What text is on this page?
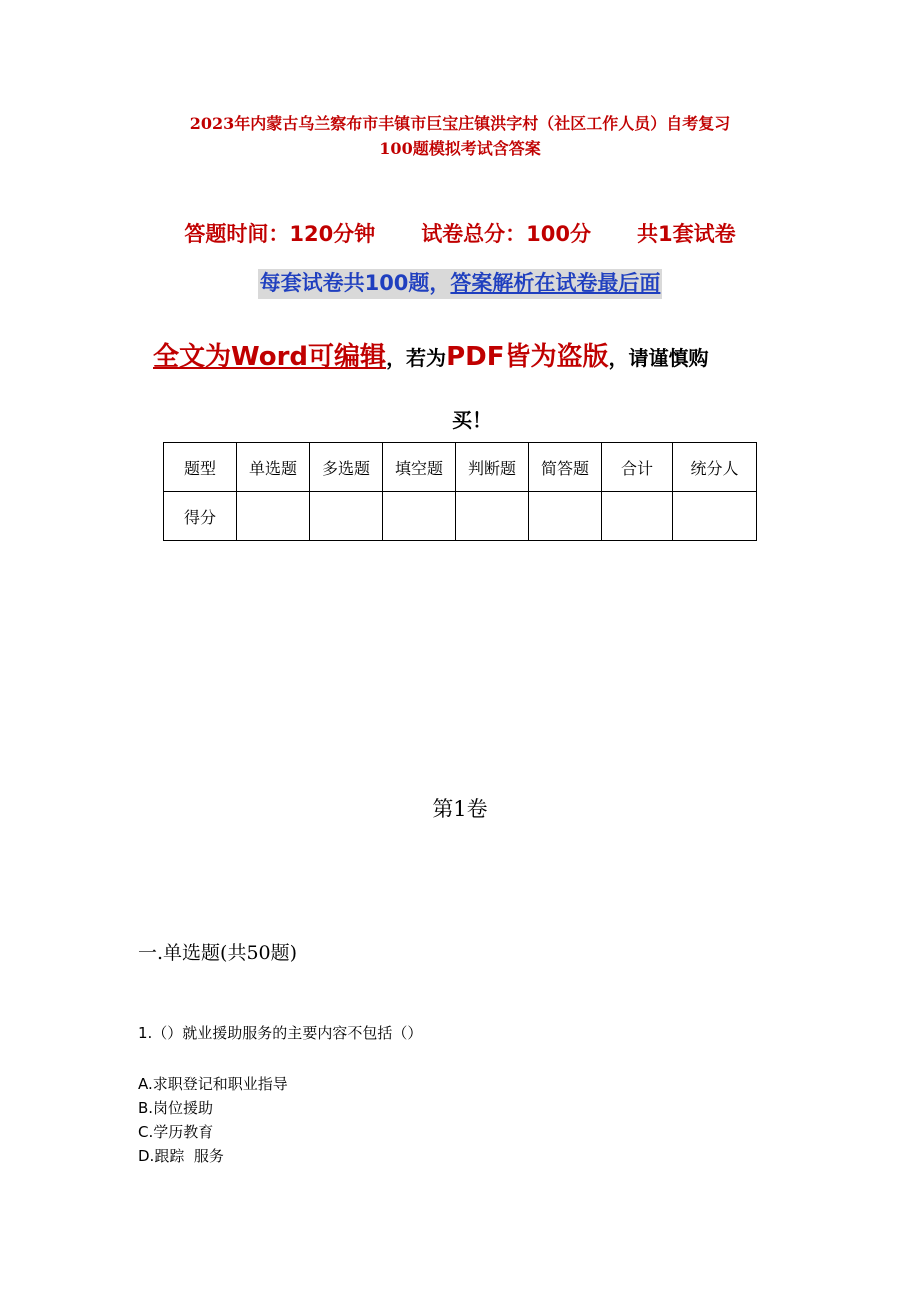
2023年内蒙古乌兰察布市丰镇市巨宝庄镇洪字村（社区工作人员）自考复习
100题模拟考试含答案
答题时间：120分钟 试卷总分：100分 共1套试卷
每套试卷共100题，答案解析在试卷最后面
全文为Word可编辑，若为PDF皆为盗版，请谨慎购
买！
题型	单选题	多选题	填空题	判断题	简答题	合计	统分人
得分							
第1卷
一.单选题(共50题)
1.（）就业援助服务的主要内容不包括（）
A.求职登记和职业指导
B.岗位援助
C.学历教育
D.跟踪  服务
